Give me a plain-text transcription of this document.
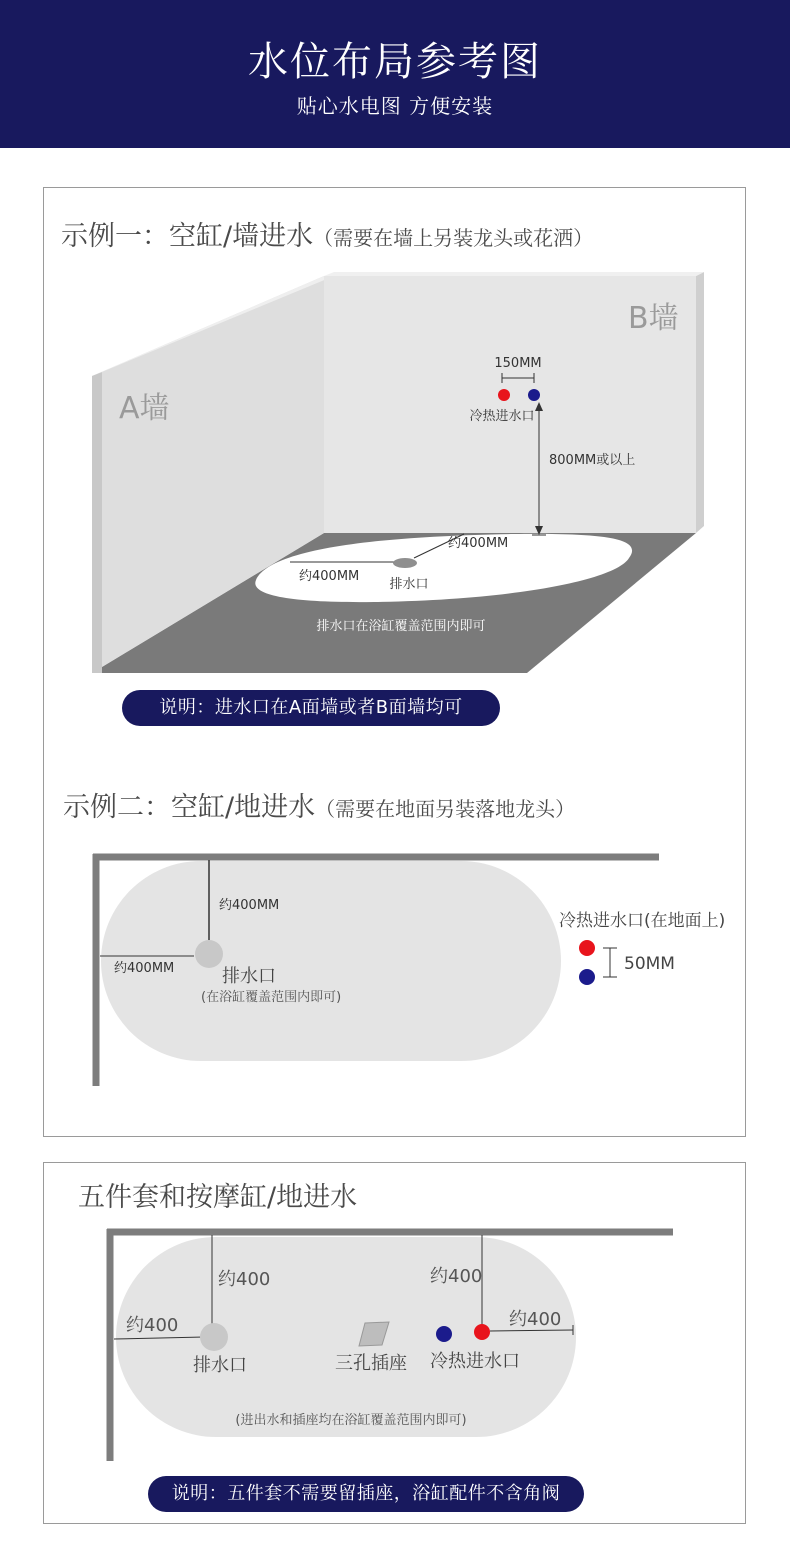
水位布局参考图
贴心水电图 方便安装
示例一：空缸/墙进水（需要在墙上另装龙头或花洒）
A墙
B墙
150MM
冷热进水口
800MM或以上
约400MM
约400MM
排水口
排水口在浴缸覆盖范围内即可
说明：进水口在A面墙或者B面墙均可
示例二：空缸/地进水（需要在地面另装落地龙头）
约400MM
约400MM	排水口
(在浴缸覆盖范围内即可)
冷热进水口(在地面上)
50MM
五件套和按摩缸/地进水
约400
约400
排水口	三孔插座
约400
约400
冷热进水口
(进出水和插座均在浴缸覆盖范围内即可)
说明：五件套不需要留插座，浴缸配件不含角阀
